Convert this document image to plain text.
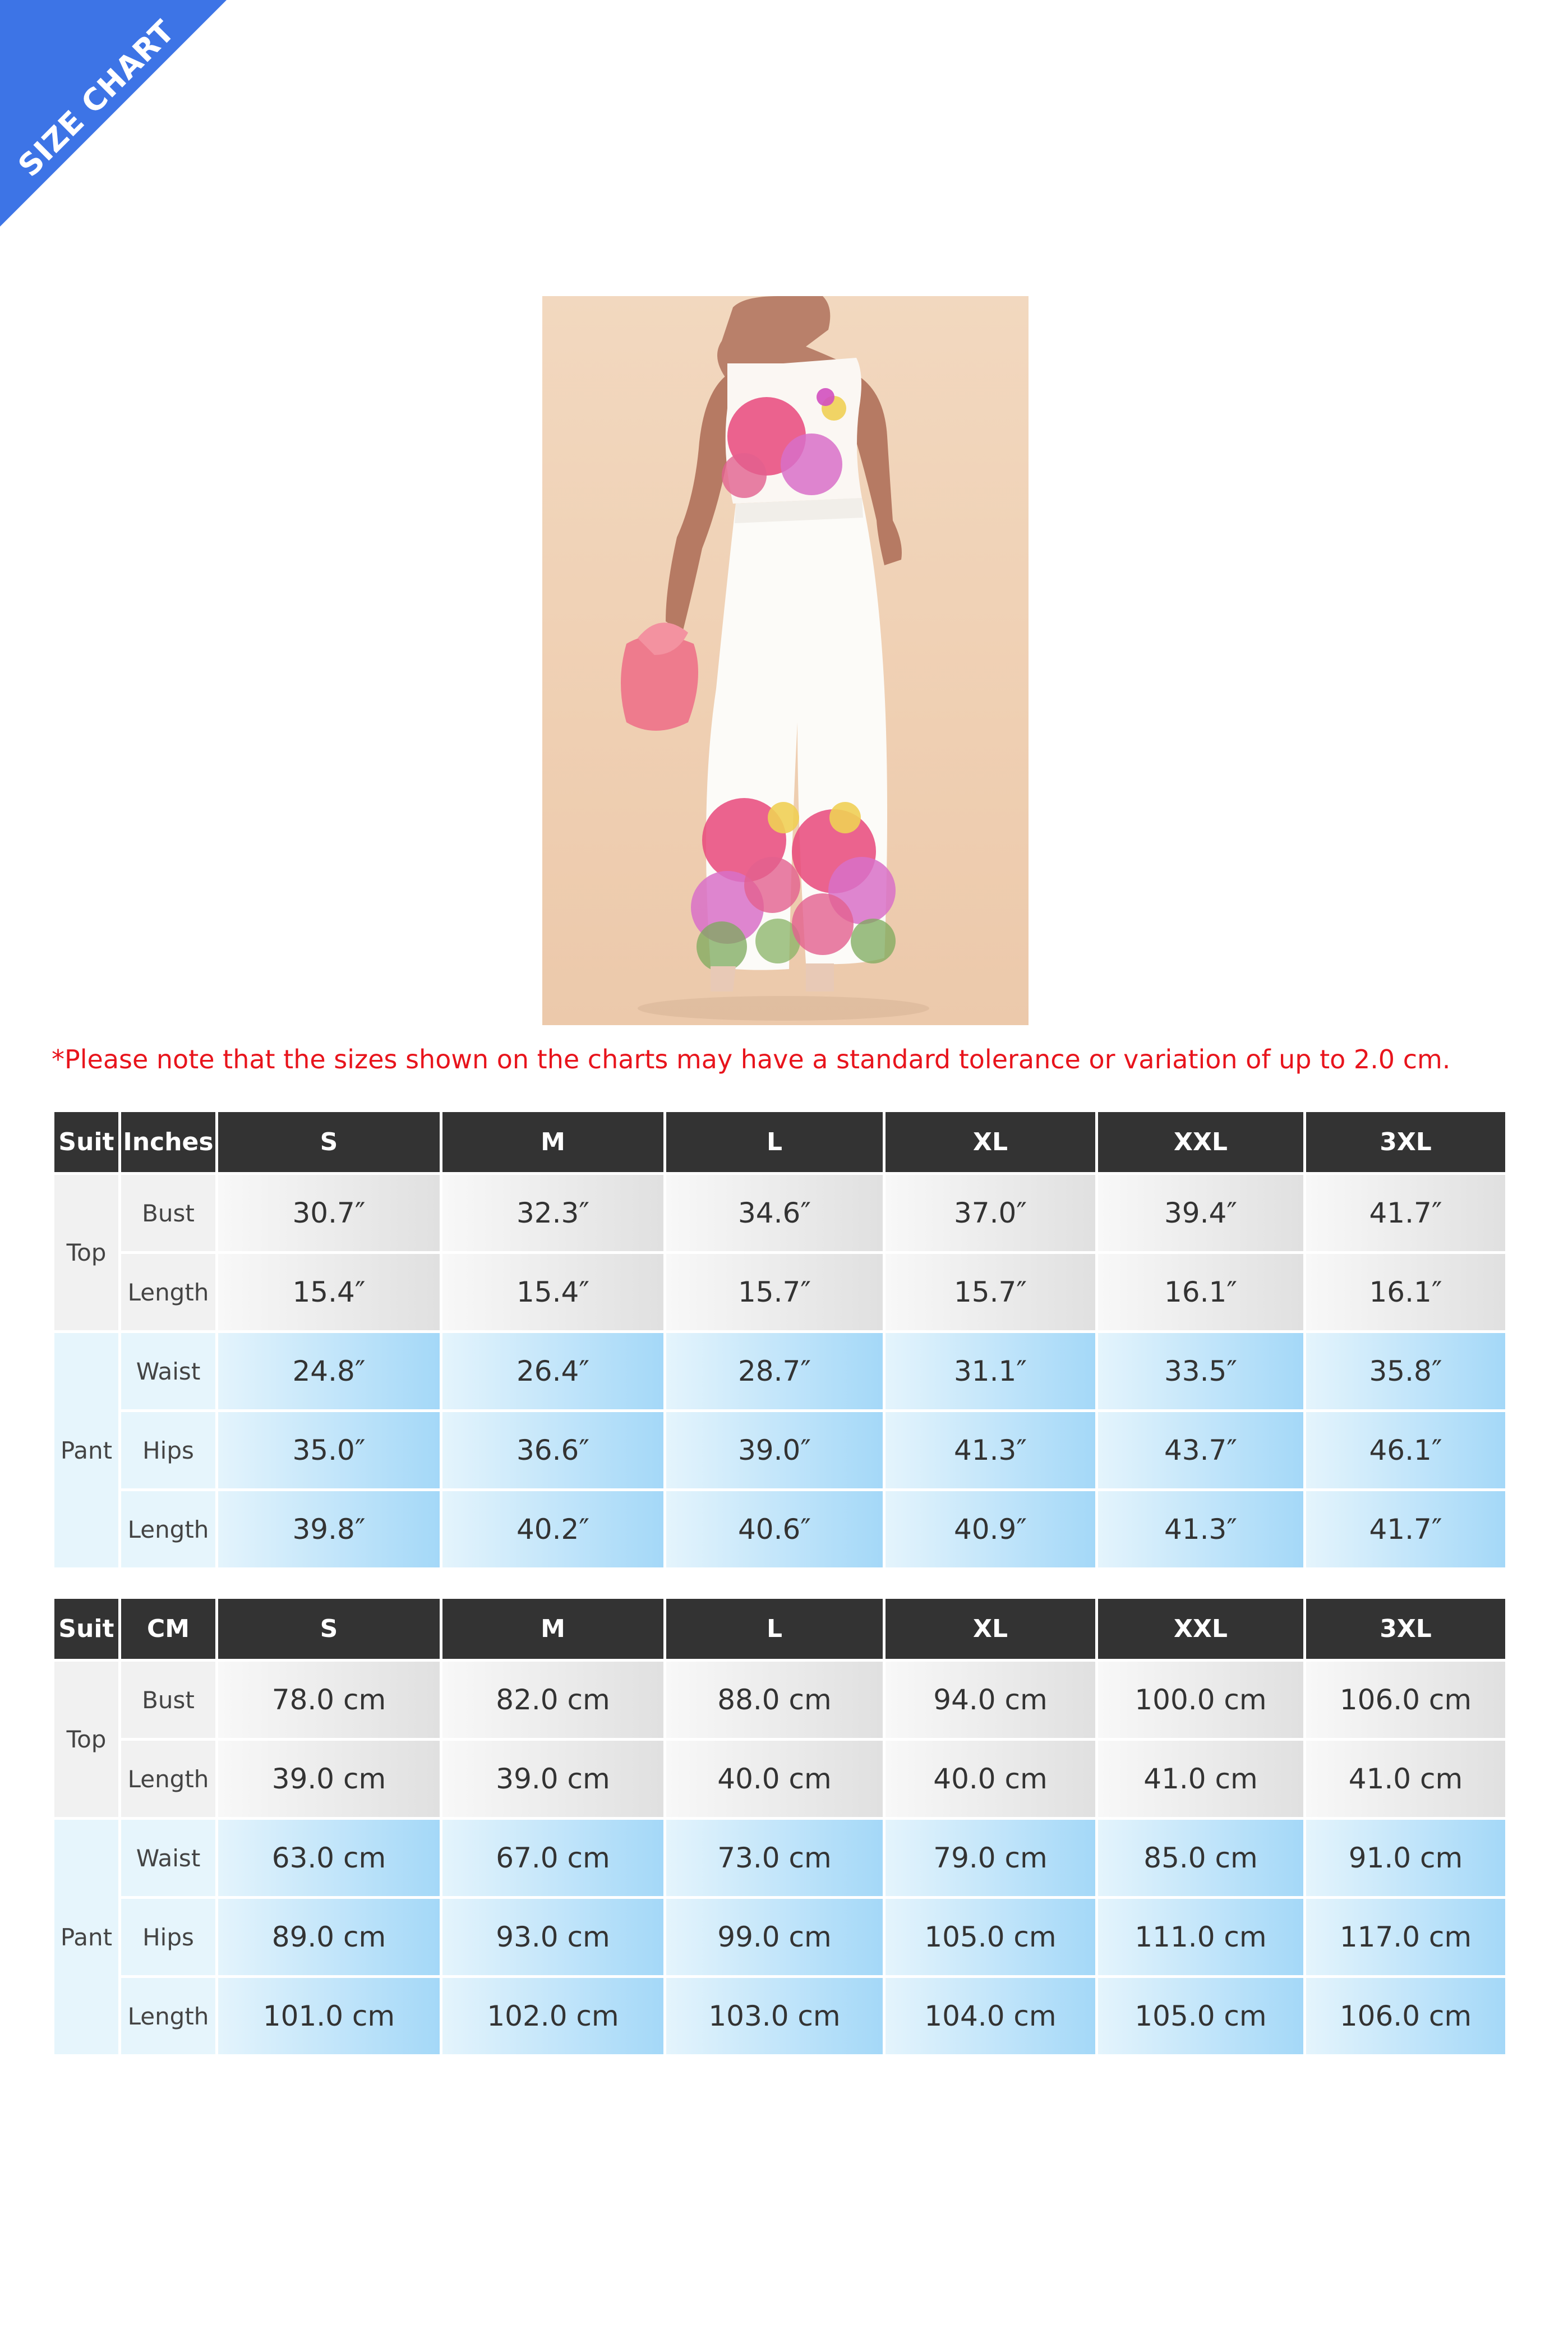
SIZE CHART
*Please note that the sizes shown on the charts may have a standard tolerance or variation of up to 2.0 cm.
Suit	Inches	S	M	L	XL	XXL	3XL
Top	Bust	30.7″	32.3″	34.6″	37.0″	39.4″	41.7″
	Length	15.4″	15.4″	15.7″	15.7″	16.1″	16.1″
Pant	Waist	24.8″	26.4″	28.7″	31.1″	33.5″	35.8″
	Hips	35.0″	36.6″	39.0″	41.3″	43.7″	46.1″
	Length	39.8″	40.2″	40.6″	40.9″	41.3″	41.7″
Suit	CM	S	M	L	XL	XXL	3XL
Top	Bust	78.0 cm	82.0 cm	88.0 cm	94.0 cm	100.0 cm	106.0 cm
	Length	39.0 cm	39.0 cm	40.0 cm	40.0 cm	41.0 cm	41.0 cm
Pant	Waist	63.0 cm	67.0 cm	73.0 cm	79.0 cm	85.0 cm	91.0 cm
	Hips	89.0 cm	93.0 cm	99.0 cm	105.0 cm	111.0 cm	117.0 cm
	Length	101.0 cm	102.0 cm	103.0 cm	104.0 cm	105.0 cm	106.0 cm
